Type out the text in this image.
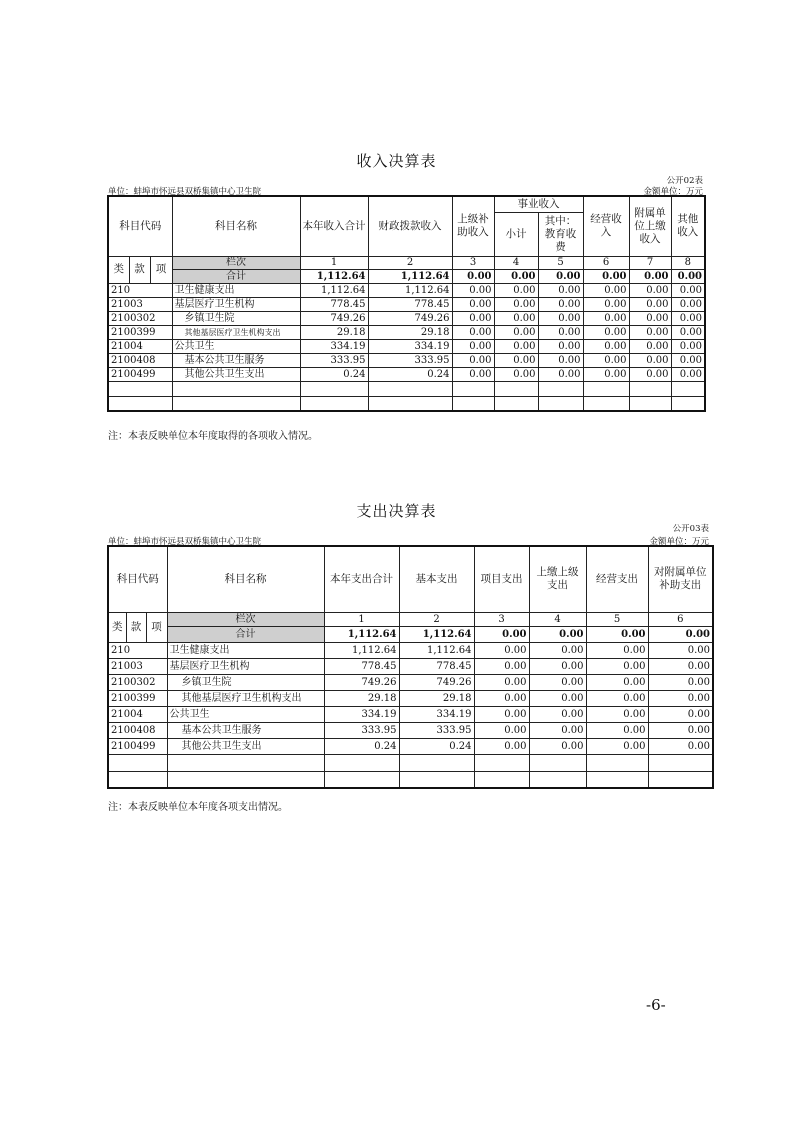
收入决算表
公开02表
单位：蚌埠市怀远县双桥集镇中心卫生院	金额单位：万元
科目代码			科目名称	本年收入合计	财政拨款收入	上级补助收入	事业收入		经营收入	附属单位上缴收入	其他收入
							小计	其中：教育收费			

类	款	项	栏次	1	2	3	4	5	6	7	8
			合计	1,112.64	1,112.64	0.00	0.00	0.00	0.00	0.00	0.00
210			卫生健康支出	1,112.64	1,112.64	0.00	0.00	0.00	0.00	0.00	0.00
21003			基层医疗卫生机构	778.45	778.45	0.00	0.00	0.00	0.00	0.00	0.00
2100302			乡镇卫生院	749.26	749.26	0.00	0.00	0.00	0.00	0.00	0.00
2100399			其他基层医疗卫生机构支出	29.18	29.18	0.00	0.00	0.00	0.00	0.00	0.00
21004			公共卫生	334.19	334.19	0.00	0.00	0.00	0.00	0.00	0.00
2100408			基本公共卫生服务	333.95	333.95	0.00	0.00	0.00	0.00	0.00	0.00
2100499			其他公共卫生支出	0.24	0.24	0.00	0.00	0.00	0.00	0.00	0.00

注：本表反映单位本年度取得的各项收入情况。
支出决算表
公开03表
单位：蚌埠市怀远县双桥集镇中心卫生院	金额单位：万元
科目代码			科目名称	本年支出合计	基本支出	项目支出	上缴上级支出	经营支出	对附属单位补助支出
类	款	项	栏次	1	2	3	4	5	6
			合计	1,112.64	1,112.64	0.00	0.00	0.00	0.00
210			卫生健康支出	1,112.64	1,112.64	0.00	0.00	0.00	0.00
21003			基层医疗卫生机构	778.45	778.45	0.00	0.00	0.00	0.00
2100302			乡镇卫生院	749.26	749.26	0.00	0.00	0.00	0.00
2100399			其他基层医疗卫生机构支出	29.18	29.18	0.00	0.00	0.00	0.00
21004			公共卫生	334.19	334.19	0.00	0.00	0.00	0.00
2100408			基本公共卫生服务	333.95	333.95	0.00	0.00	0.00	0.00
2100499			其他公共卫生支出	0.24	0.24	0.00	0.00	0.00	0.00

注：本表反映单位本年度各项支出情况。
-6-
